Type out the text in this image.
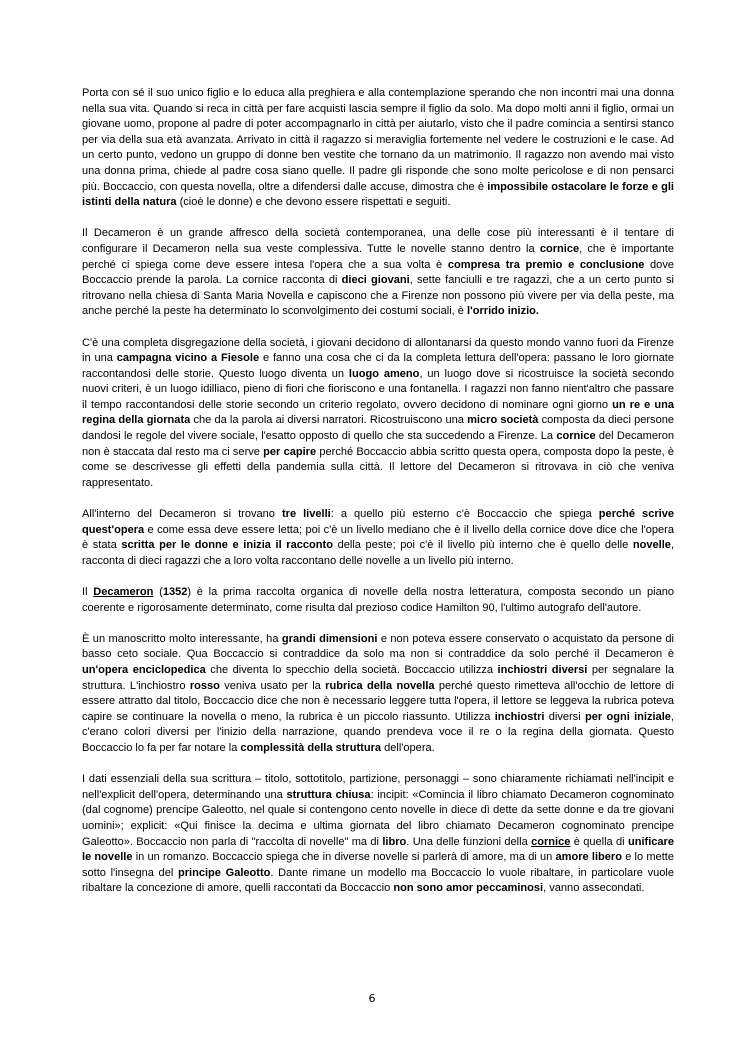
Porta con sé il suo unico figlio e lo educa alla preghiera e alla contemplazione sperando che non incontri mai una donna nella sua vita. Quando si reca in città per fare acquisti lascia sempre il figlio da solo. Ma dopo molti anni il figlio, ormai un giovane uomo, propone al padre di poter accompagnarlo in città per aiutarlo, visto che il padre comincia a sentirsi stanco per via della sua età avanzata. Arrivato in città il ragazzo si meraviglia fortemente nel vedere le costruzioni e le case. Ad un certo punto, vedono un gruppo di donne ben vestite che tornano da un matrimonio. Il ragazzo non avendo mai visto una donna prima, chiede al padre cosa siano quelle. Il padre gli risponde che sono molte pericolose e di non pensarci più. Boccaccio, con questa novella, oltre a difendersi dalle accuse, dimostra che è impossibile ostacolare le forze e gli istinti della natura (cioè le donne) e che devono essere rispettati e seguiti.

Il Decameron è un grande affresco della società contemporanea, una delle cose più interessanti è il tentare di configurare il Decameron nella sua veste complessiva. Tutte le novelle stanno dentro la cornice, che è importante perché ci spiega come deve essere intesa l'opera che a sua volta è compresa tra premio e conclusione dove Boccaccio prende la parola. La cornice racconta di dieci giovani, sette fanciulli e tre ragazzi, che a un certo punto si ritrovano nella chiesa di Santa Maria Novella e capiscono che a Firenze non possono più vivere per via della peste, ma anche perché la peste ha determinato lo sconvolgimento dei costumi sociali, è l'orrido inizio.

C'è una completa disgregazione della società, i giovani decidono di allontanarsi da questo mondo vanno fuori da Firenze in una campagna vicino a Fiesole e fanno una cosa che ci da la completa lettura dell'opera: passano le loro giornate raccontandosi delle storie. Questo luogo diventa un luogo ameno, un luogo dove si ricostruisce la società secondo nuovi criteri, è un luogo idilliaco, pieno di fiori che fioriscono e una fontanella. I ragazzi non fanno nient'altro che passare il tempo raccontandosi delle storie secondo un criterio regolato, ovvero decidono di nominare ogni giorno un re e una regina della giornata che da la parola ai diversi narratori. Ricostruiscono una micro società composta da dieci persone dandosi le regole del vivere sociale, l'esatto opposto di quello che sta succedendo a Firenze. La cornice del Decameron non è staccata dal resto ma ci serve per capire perché Boccaccio abbia scritto questa opera, composta dopo la peste, è come se descrivesse gli effetti della pandemia sulla città. Il lettore del Decameron si ritrovava in ciò che veniva rappresentato.

All'interno del Decameron si trovano tre livelli: a quello più esterno c'è Boccaccio che spiega perché scrive quest'opera e come essa deve essere letta; poi c'è un livello mediano che è il livello della cornice dove dice che l'opera è stata scritta per le donne e inizia il racconto della peste; poi c'è il livello più interno che è quello delle novelle, racconta di dieci ragazzi che a loro volta raccontano delle novelle a un livello più interno.

Il Decameron (1352) è la prima raccolta organica di novelle della nostra letteratura, composta secondo un piano coerente e rigorosamente determinato, come risulta dal prezioso codice Hamilton 90, l'ultimo autografo dell'autore.

È un manoscritto molto interessante, ha grandi dimensioni e non poteva essere conservato o acquistato da persone di basso ceto sociale. Qua Boccaccio si contraddice da solo ma non si contraddice da solo perché il Decameron è un'opera enciclopedica che diventa lo specchio della società. Boccaccio utilizza inchiostri diversi per segnalare la struttura. L'inchiostro rosso veniva usato per la rubrica della novella perché questo rimetteva all'occhio de lettore di essere attratto dal titolo, Boccaccio dice che non è necessario leggere tutta l'opera, il lettore se leggeva la rubrica poteva capire se continuare la novella o meno, la rubrica è un piccolo riassunto. Utilizza inchiostri diversi per ogni iniziale, c'erano colori diversi per l'inizio della narrazione, quando prendeva voce il re o la regina della giornata. Questo Boccaccio lo fa per far notare la complessità della struttura dell'opera.

I dati essenziali della sua scrittura – titolo, sottotitolo, partizione, personaggi – sono chiaramente richiamati nell'incipit e nell'explicit dell'opera, determinando una struttura chiusa: incipit: «Comincia il libro chiamato Decameron cognominato (dal cognome) prencipe Galeotto, nel quale si contengono cento novelle in diece dì dette da sette donne e da tre giovani uomini»; explicit: «Qui finisce la decima e ultima giornata del libro chiamato Decameron cognominato prencipe Galeotto». Boccaccio non parla di "raccolta di novelle" ma di libro. Una delle funzioni della cornice è quella di unificare le novelle in un romanzo. Boccaccio spiega che in diverse novelle si parlerà di amore, ma di un amore libero e lo mette sotto l'insegna del principe Galeotto. Dante rimane un modello ma Boccaccio lo vuole ribaltare, in particolare vuole ribaltare la concezione di amore, quelli raccontati da Boccaccio non sono amor peccaminosi, vanno assecondati.

6
